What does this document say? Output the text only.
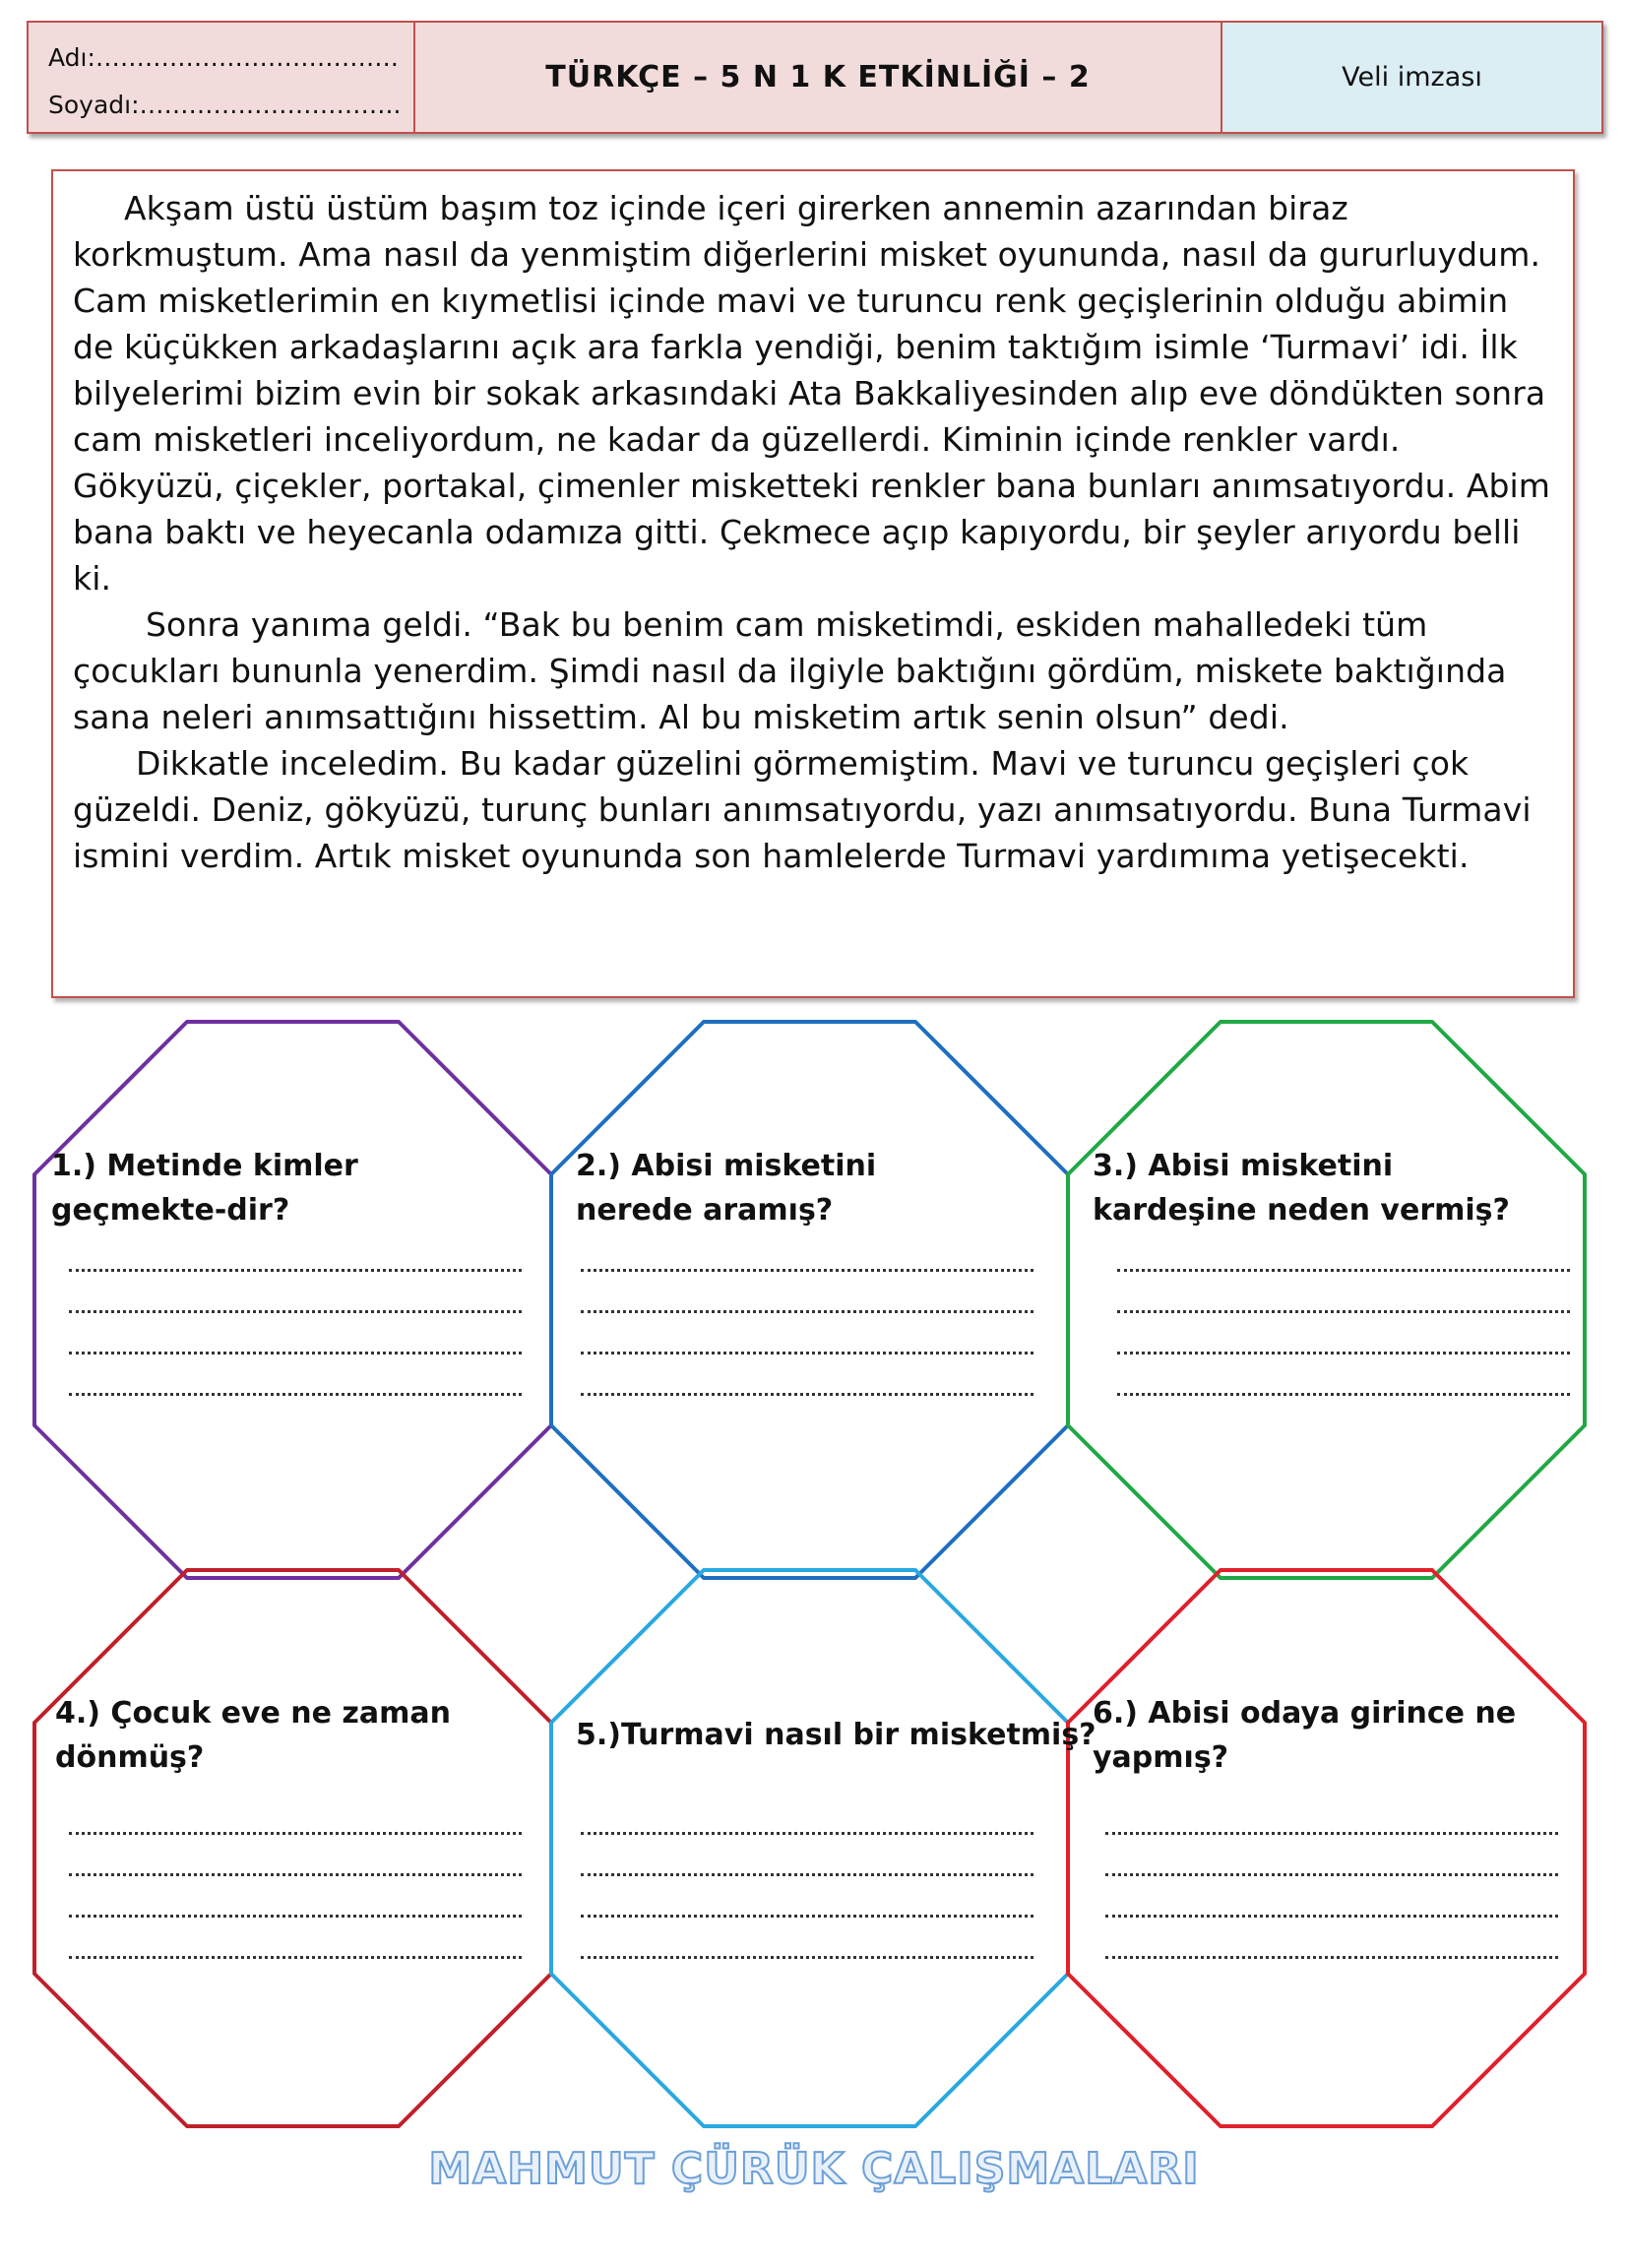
Adı:……………………………….
Soyadı:…………………………..
TÜRKÇE – 5 N 1 K ETKİNLİĞİ – 2	Veli imzası

Akşam üstü üstüm başım toz içinde içeri girerken annemin azarından biraz korkmuştum. Ama nasıl da yenmiştim diğerlerini misket oyununda, nasıl da gururluydum. Cam misketlerimin en kıymetlisi içinde mavi ve turuncu renk geçişlerinin olduğu abimin de küçükken arkadaşlarını açık ara farkla yendiği, benim taktığım isimle ‘Turmavi’ idi. İlk bilyelerimi bizim evin bir sokak arkasındaki Ata Bakkaliyesinden alıp eve döndükten sonra cam misketleri inceliyordum, ne kadar da güzellerdi. Kiminin içinde renkler vardı. Gökyüzü, çiçekler, portakal, çimenler misketteki renkler bana bunları anımsatıyordu. Abim bana baktı ve heyecanla odamıza gitti. Çekmece açıp kapıyordu, bir şeyler arıyordu belli ki.

Sonra yanıma geldi. “Bak bu benim cam misketimdi, eskiden mahalledeki tüm çocukları bununla yenerdim. Şimdi nasıl da ilgiyle baktığını gördüm, miskete baktığında sana neleri anımsattığını hissettim. Al bu misketim artık senin olsun” dedi.

Dikkatle inceledim. Bu kadar güzelini görmemiştim. Mavi ve turuncu geçişleri çok güzeldi. Deniz, gökyüzü, turunç bunları anımsatıyordu, yazı anımsatıyordu. Buna Turmavi ismini verdim. Artık misket oyununda son hamlelerde Turmavi yardımıma yetişecekti.

1.) Metinde kimler geçmekte-dir?
2.) Abisi misketini nerede aramış?
3.) Abisi misketini kardeşine neden vermiş?
4.) Çocuk eve ne zaman dönmüş?
5.)Turmavi nasıl bir misketmiş?
6.) Abisi odaya girince ne yapmış?
MAHMUT ÇÜRÜK ÇALIŞMALARI
